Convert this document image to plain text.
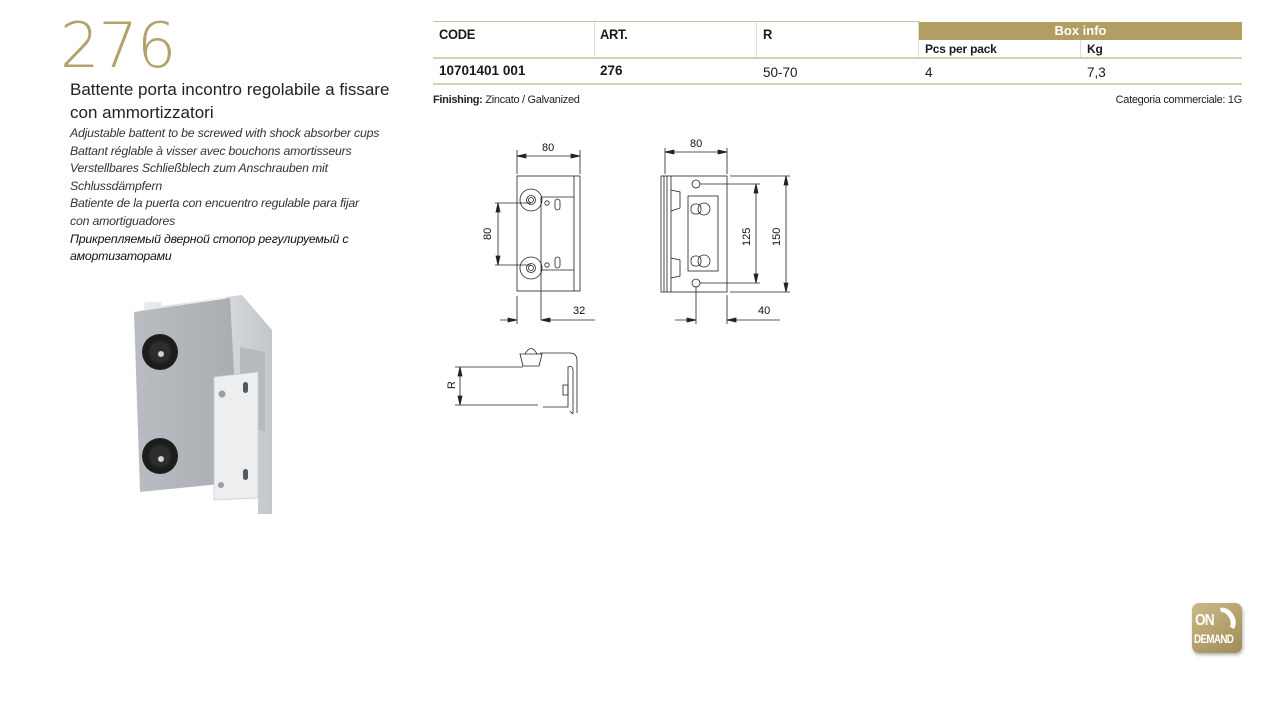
276
Battente porta incontro regolabile a fissare con ammortizzatori
Adjustable battent to be screwed with shock absorber cups
Battant réglable à visser avec bouchons amortisseurs
Verstellbares Schließblech zum Anschrauben mit
Schlussdämpfern
Batiente de la puerta con encuentro regulable para fijar
con amortiguadores
Прикрепляемый дверной стопор регулируемый с
амортизаторами
Box info
CODE	ART.	R
Pcs per pack	Kg
10701401 001	276	50-70	4	7,3
Finishing: Zincato / Galvanized	Categoria commerciale: 1G
80
80
32
80
125 150
40
R
ON
DEMAND
